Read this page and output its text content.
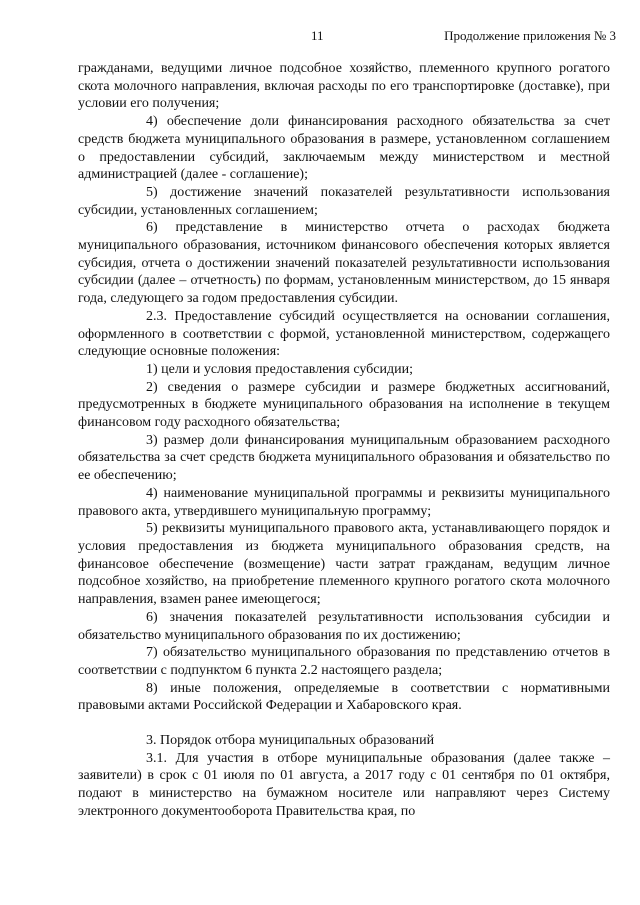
11	Продолжение приложения № 3

гражданами, ведущими личное подсобное хозяйство, племенного крупного рогатого скота молочного направления, включая расходы по его транспортировке (доставке), при условии его получения;

4) обеспечение доли финансирования расходного обязательства за счет средств бюджета муниципального образования в размере, установленном соглашением о предоставлении субсидий, заключаемым между министерством и местной администрацией (далее - соглашение);

5) достижение значений показателей результативности использования субсидии, установленных соглашением;

6) представление в министерство отчета о расходах бюджета муниципального образования, источником финансового обеспечения которых является субсидия, отчета о достижении значений показателей результативности использования субсидии (далее – отчетность) по формам, установленным министерством, до 15 января года, следующего за годом предоставления субсидии.

2.3. Предоставление субсидий осуществляется на основании соглашения, оформленного в соответствии с формой, установленной министерством, содержащего следующие основные положения:

1) цели и условия предоставления субсидии;

2) сведения о размере субсидии и размере бюджетных ассигнований, предусмотренных в бюджете муниципального образования на исполнение в текущем финансовом году расходного обязательства;

3) размер доли финансирования муниципальным образованием расходного обязательства за счет средств бюджета муниципального образования и обязательство по ее обеспечению;

4) наименование муниципальной программы и реквизиты муниципального правового акта, утвердившего муниципальную программу;

5) реквизиты муниципального правового акта, устанавливающего порядок и условия предоставления из бюджета муниципального образования средств, на финансовое обеспечение (возмещение) части затрат гражданам, ведущим личное подсобное хозяйство, на приобретение племенного крупного рогатого скота молочного направления, взамен ранее имеющегося;

6) значения показателей результативности использования субсидии и обязательство муниципального образования по их достижению;

7) обязательство муниципального образования по представлению отчетов в соответствии с подпунктом 6 пункта 2.2 настоящего раздела;

8) иные положения, определяемые в соответствии с нормативными правовыми актами Российской Федерации и Хабаровского края.

3. Порядок отбора муниципальных образований

3.1. Для участия в отборе муниципальные образования (далее также – заявители) в срок с 01 июля по 01 августа, а 2017 году с 01 сентября по 01 октября, подают в министерство на бумажном носителе или направляют через Систему электронного документооборота Правительства края, по
